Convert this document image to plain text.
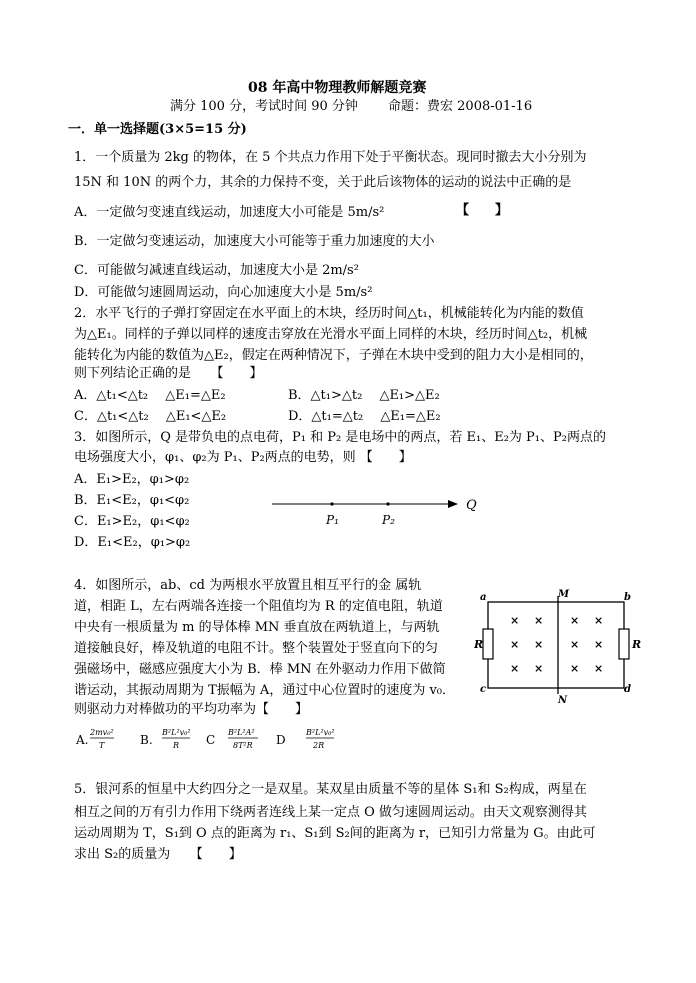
08 年高中物理教师解题竞赛
满分 100 分，考试时间 90 分钟　　 命题：费宏 2008-01-16
一．单一选择题(3×5=15 分)
1．一个质量为 2kg 的物体，在 5 个共点力作用下处于平衡状态。现同时撤去大小分别为
15N 和 10N 的两个力，其余的力保持不变，关于此后该物体的运动的说法中正确的是
A．一定做匀变速直线运动，加速度大小可能是 5m/s²	【　　】
B．一定做匀变速运动，加速度大小可能等于重力加速度的大小
C．可能做匀减速直线运动，加速度大小是 2m/s²
D．可能做匀速圆周运动，向心加速度大小是 5m/s²
2．水平飞行的子弹打穿固定在水平面上的木块，经历时间△t₁，机械能转化为内能的数值
为△E₁。同样的子弹以同样的速度击穿放在光滑水平面上同样的木块，经历时间△t₂，机械
能转化为内能的数值为△E₂，假定在两种情况下，子弹在木块中受到的阻力大小是相同的，
则下列结论正确的是　　【　　】
A．△t₁<△t₂　 △E₁=△E₂	B．△t₁>△t₂　 △E₁>△E₂
C．△t₁<△t₂　 △E₁<△E₂	D．△t₁=△t₂　 △E₁=△E₂
3．如图所示，Q 是带负电的点电荷，P₁ 和 P₂ 是电场中的两点，若 E₁、E₂为 P₁、P₂两点的
电场强度大小，φ₁、φ₂为 P₁、P₂两点的电势，则 【　　】
A．E₁>E₂，φ₁>φ₂
B．E₁<E₂，φ₁<φ₂
C．E₁>E₂，φ₁<φ₂
D．E₁<E₂，φ₁>φ₂
Q
P₁	P₂
4．如图所示，ab、cd 为两根水平放置且相互平行的金 属轨
道，相距 L，左右两端各连接一个阻值均为 R 的定值电阻，轨道
中央有一根质量为 m 的导体棒 MN 垂直放在两轨道上，与两轨
道接触良好，棒及轨道的电阻不计。整个装置处于竖直向下的匀
强磁场中，磁感应强度大小为 B．棒 MN 在外驱动力作用下做简
谐运动，其振动周期为 T振幅为 A，通过中心位置时的速度为 v₀．
则驱动力对棒做功的平均功率为【　　】
A.
2mv₀²
T	B.
B²L²v₀²
R C
B²L²A²
8T²R D
B²L²v₀²
2R
R	R
a	b
c	d
M
N
× × × ×
× × × ×
× × × ×
5．银河系的恒星中大约四分之一是双星。某双星由质量不等的星体 S₁和 S₂构成，两星在
相互之间的万有引力作用下绕两者连线上某一定点 O 做匀速圆周运动。由天文观察测得其
运动周期为 T，S₁到 O 点的距离为 r₁、S₁到 S₂间的距离为 r，已知引力常量为 G。由此可
求出 S₂的质量为　　【　　】
